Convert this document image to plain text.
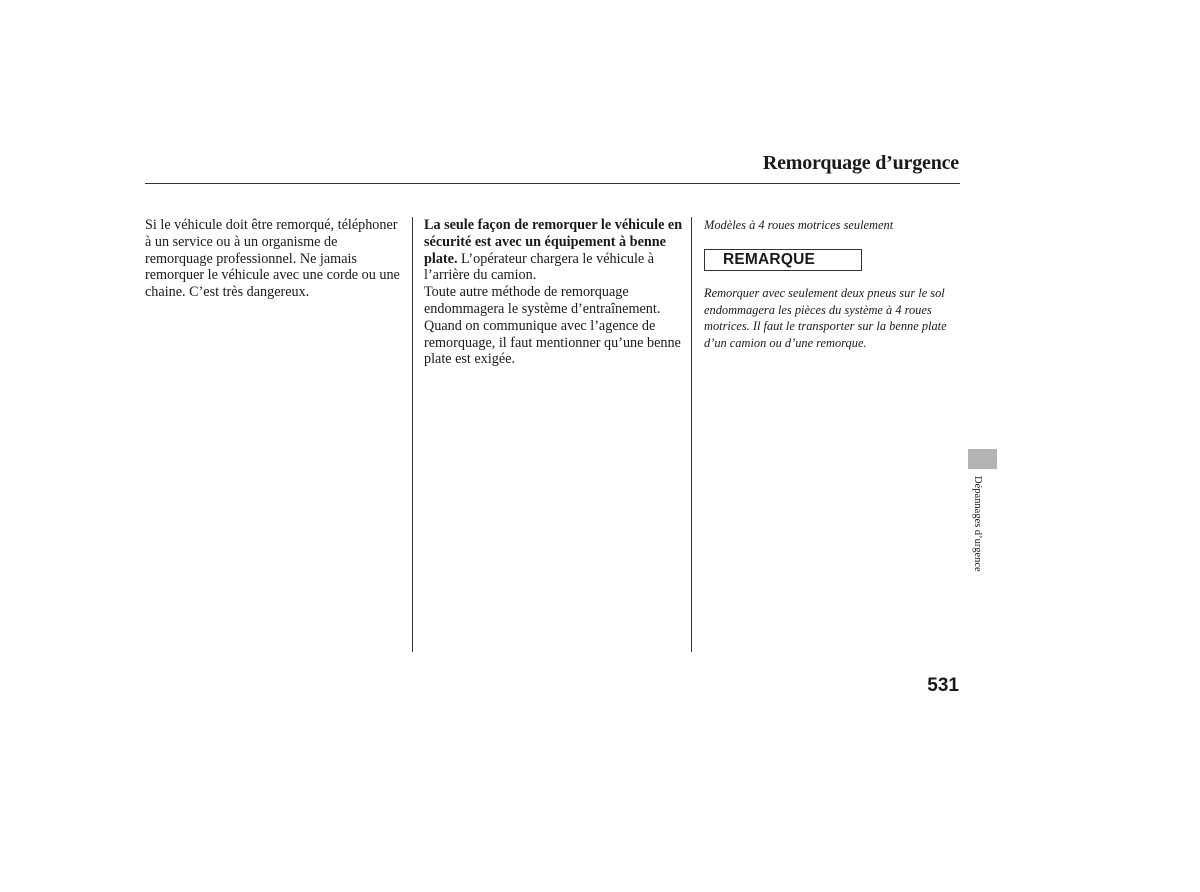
Remorquage d’urgence

Si le véhicule doit être remorqué, téléphoner à un service ou à un organisme de remorquage professionnel. Ne jamais remorquer le véhicule avec une corde ou une chaine. C’est très dangereux.

La seule façon de remorquer le véhicule en sécurité est avec un équipement à benne plate. L’opérateur chargera le véhicule à l’arrière du camion.

Toute autre méthode de remorquage endommagera le système d’entraînement. Quand on communique avec l’agence de remorquage, il faut mentionner qu’une benne plate est exigée.

Modèles à 4 roues motrices seulement

REMARQUE

Remorquer avec seulement deux pneus sur le sol endommagera les pièces du système à 4 roues motrices. Il faut le transporter sur la benne plate d’un camion ou d’une remorque.

Dépannages d’urgence
531
